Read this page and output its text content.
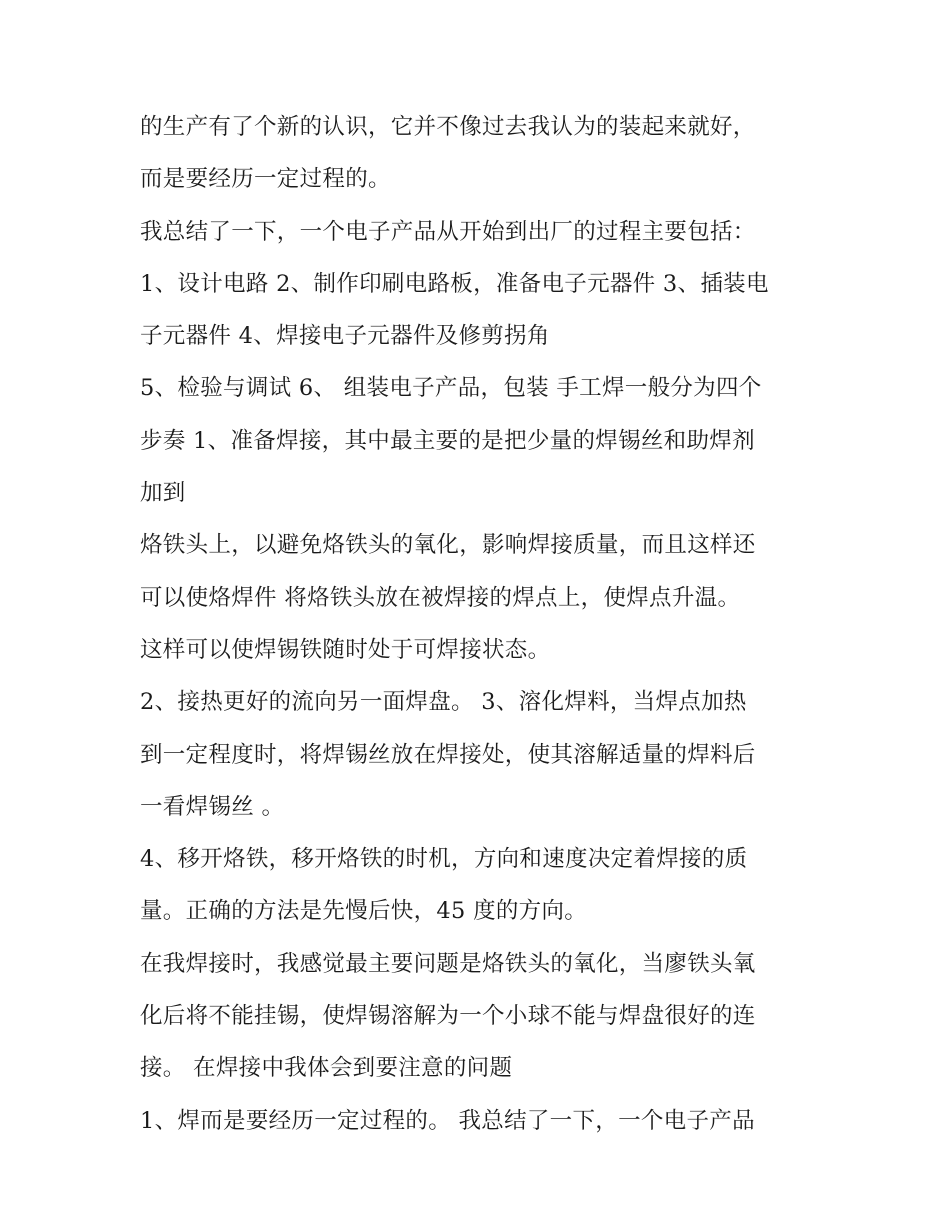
的生产有了个新的认识，它并不像过去我认为的装起来就好，
而是要经历一定过程的。
我总结了一下，一个电子产品从开始到出厂的过程主要包括：
1、设计电路 2、制作印刷电路板，准备电子元器件 3、插装电
子元器件 4、焊接电子元器件及修剪拐角
5、检验与调试 6、 组装电子产品，包装 手工焊一般分为四个
步奏 1、准备焊接，其中最主要的是把少量的焊锡丝和助焊剂
加到
烙铁头上，以避免烙铁头的氧化，影响焊接质量，而且这样还
可以使烙焊件 将烙铁头放在被焊接的焊点上，使焊点升温。
这样可以使焊锡铁随时处于可焊接状态。
2、接热更好的流向另一面焊盘。 3、溶化焊料，当焊点加热
到一定程度时，将焊锡丝放在焊接处，使其溶解适量的焊料后
一看焊锡丝 。
4、移开烙铁，移开烙铁的时机，方向和速度决定着焊接的质
量。正确的方法是先慢后快，45 度的方向。
在我焊接时，我感觉最主要问题是烙铁头的氧化，当廖铁头氧
化后将不能挂锡，使焊锡溶解为一个小球不能与焊盘很好的连
接。 在焊接中我体会到要注意的问题
1、焊而是要经历一定过程的。 我总结了一下，一个电子产品
